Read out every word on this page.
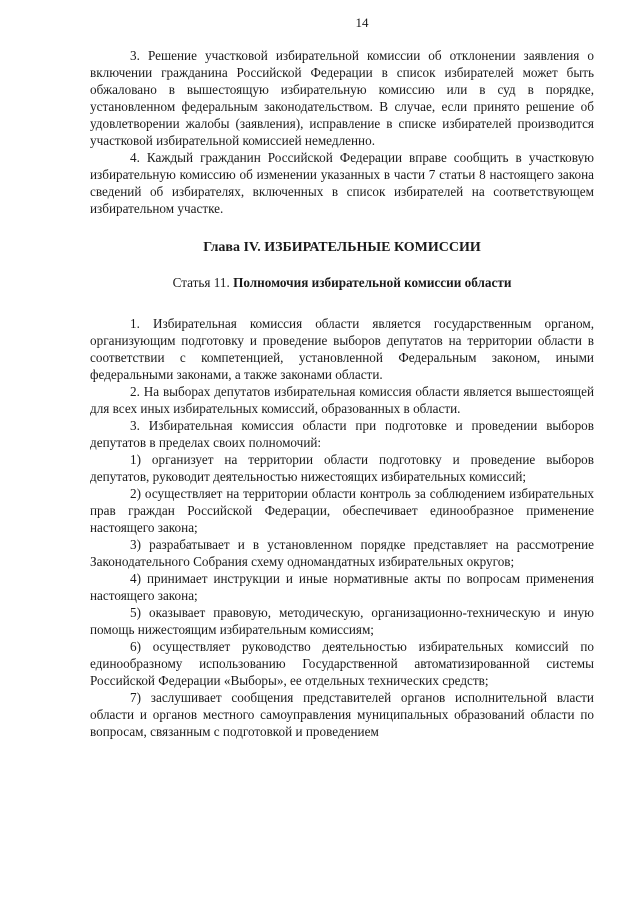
14

3. Решение участковой избирательной комиссии об отклонении заявления о включении гражданина Российской Федерации в список избирателей может быть обжаловано в вышестоящую избирательную комиссию или в суд в порядке, установленном федеральным законодательством. В случае, если принято решение об удовлетворении жалобы (заявления), исправление в списке избирателей производится участковой избирательной комиссией немедленно.

4. Каждый гражданин Российской Федерации вправе сообщить в участковую избирательную комиссию об изменении указанных в части 7 статьи 8 настоящего закона сведений об избирателях, включенных в список избирателей на соответствующем избирательном участке.

Глава IV. ИЗБИРАТЕЛЬНЫЕ КОМИССИИ
Статья 11. Полномочия избирательной комиссии области

1. Избирательная комиссия области является государственным органом, организующим подготовку и проведение выборов депутатов на территории области в соответствии с компетенцией, установленной Федеральным законом, иными федеральными законами, а также законами области.

2. На выборах депутатов избирательная комиссия области является вышестоящей для всех иных избирательных комиссий, образованных в области.

3. Избирательная комиссия области при подготовке и проведении выборов депутатов в пределах своих полномочий:

1) организует на территории области подготовку и проведение выборов депутатов, руководит деятельностью нижестоящих избирательных комиссий;

2) осуществляет на территории области контроль за соблюдением избирательных прав граждан Российской Федерации, обеспечивает единообразное применение настоящего закона;

3) разрабатывает и в установленном порядке представляет на рассмотрение Законодательного Собрания схему одномандатных избирательных округов;

4) принимает инструкции и иные нормативные акты по вопросам применения настоящего закона;

5) оказывает правовую, методическую, организационно-техническую и иную помощь нижестоящим избирательным комиссиям;

6) осуществляет руководство деятельностью избирательных комиссий по единообразному использованию Государственной автоматизированной системы Российской Федерации «Выборы», ее отдельных технических средств;

7) заслушивает сообщения представителей органов исполнительной власти области и органов местного самоуправления муниципальных образований области по вопросам, связанным с подготовкой и проведением
